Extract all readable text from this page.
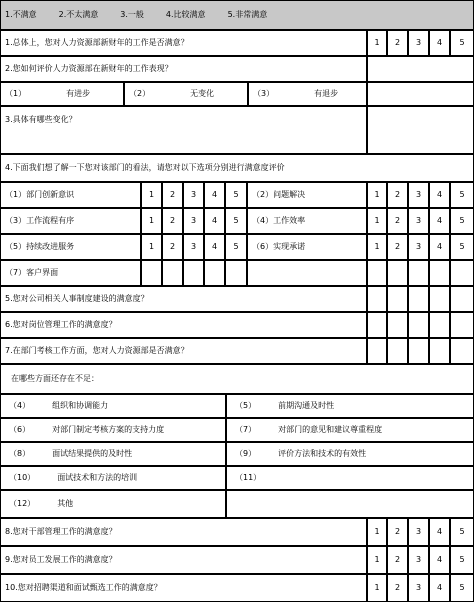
1.不满意	2.不太满意	3.一般	4.比较满意	5.非常满意
1.总体上，您对人力资源部新财年的工作是否满意？	1	2	3	4	5
2.您如何评价人力资源部在新财年的工作表现？
（1）	有进步	（2）	无变化	（3）	有退步
3.具体有哪些变化？
4.下面我们想了解一下您对该部门的看法，请您对以下选项分别进行满意度评价
（1）部门创新意识	1	2	3	4	5	（2）问题解决	1	2	3	4	5
（3）工作流程有序	1	2	3	4	5	（4）工作效率	1	2	3	4	5
（5）持续改进服务	1	2	3	4	5	（6）实现承诺	1	2	3	4	5
（7）客户界面
5.您对公司相关人事制度建设的满意度？
6.您对岗位管理工作的满意度？
7.在部门考核工作方面，您对人力资源部是否满意？
在哪些方面还存在不足：
（4）	组织和协调能力	（5）	前期沟通及时性
（6）	对部门制定考核方案的支持力度	（7）	对部门的意见和建议尊重程度
（8）	面试结果提供的及时性	（9）	评价方法和技术的有效性
（10）	面试技术和方法的培训	（11）
（12）	其他
8.您对干部管理工作的满意度？	1	2	3	4	5
9.您对员工发展工作的满意度？	1	2	3	4	5
10.您对招聘渠道和面试甄选工作的满意度？	1	2	3	4	5
